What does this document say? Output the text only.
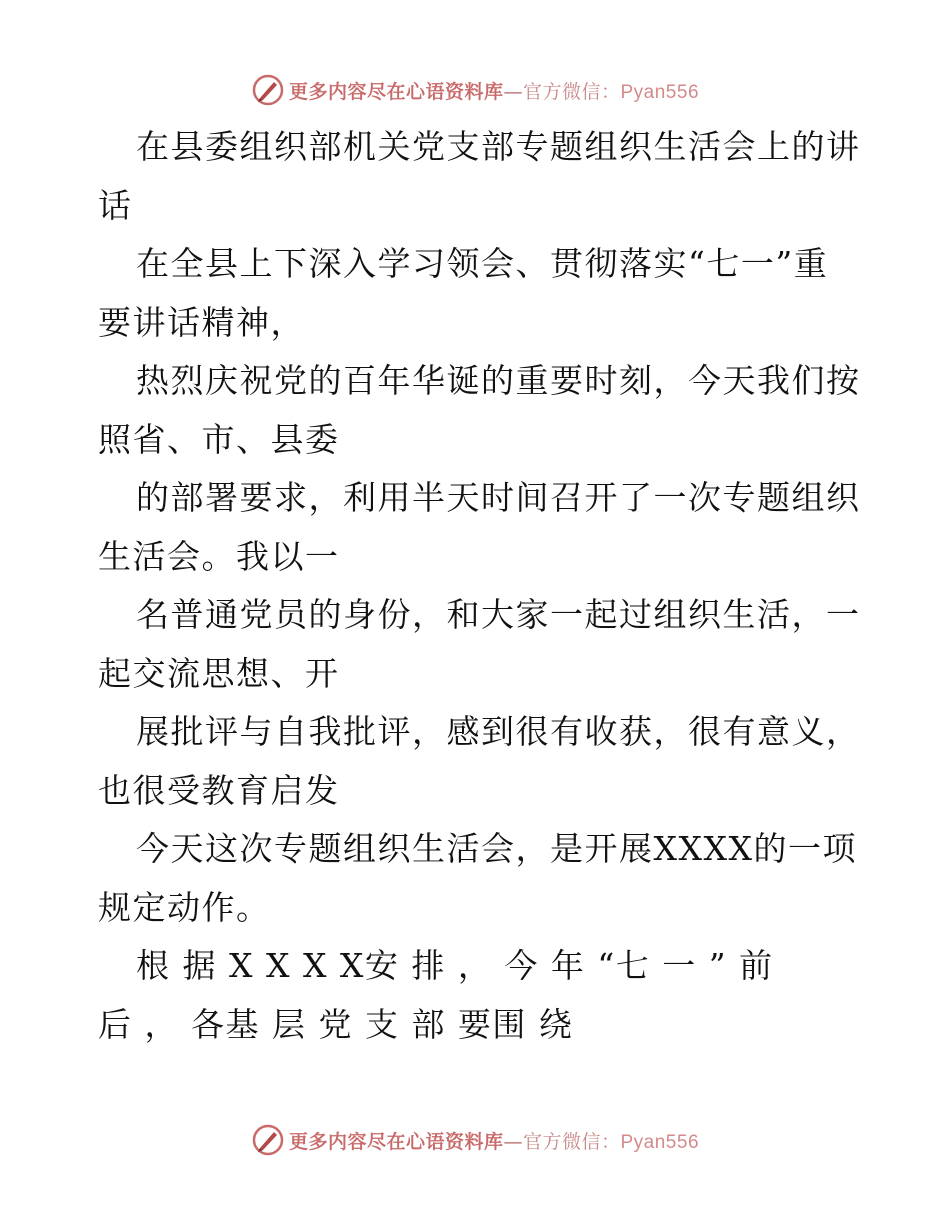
更多内容尽在心语资料库—官方微信：Pyan556
在县委组织部机关党支部专题组织生活会上的讲
话
在全县上下深入学习领会、贯彻落实“七一”重
要讲话精神，
热烈庆祝党的百年华诞的重要时刻，今天我们按
照省、市、县委
的部署要求，利用半天时间召开了一次专题组织
生活会。我以一
名普通党员的身份，和大家一起过组织生活，一
起交流思想、开
展批评与自我批评，感到很有收获，很有意义，
也很受教育启发
今天这次专题组织生活会，是开展XXXX的一项
规定动作。
根 据 X X X X安 排 ， 今 年 “七 一 ” 前
后 ， 各基 层 党 支 部 要围 绕
更多内容尽在心语资料库—官方微信：Pyan556
